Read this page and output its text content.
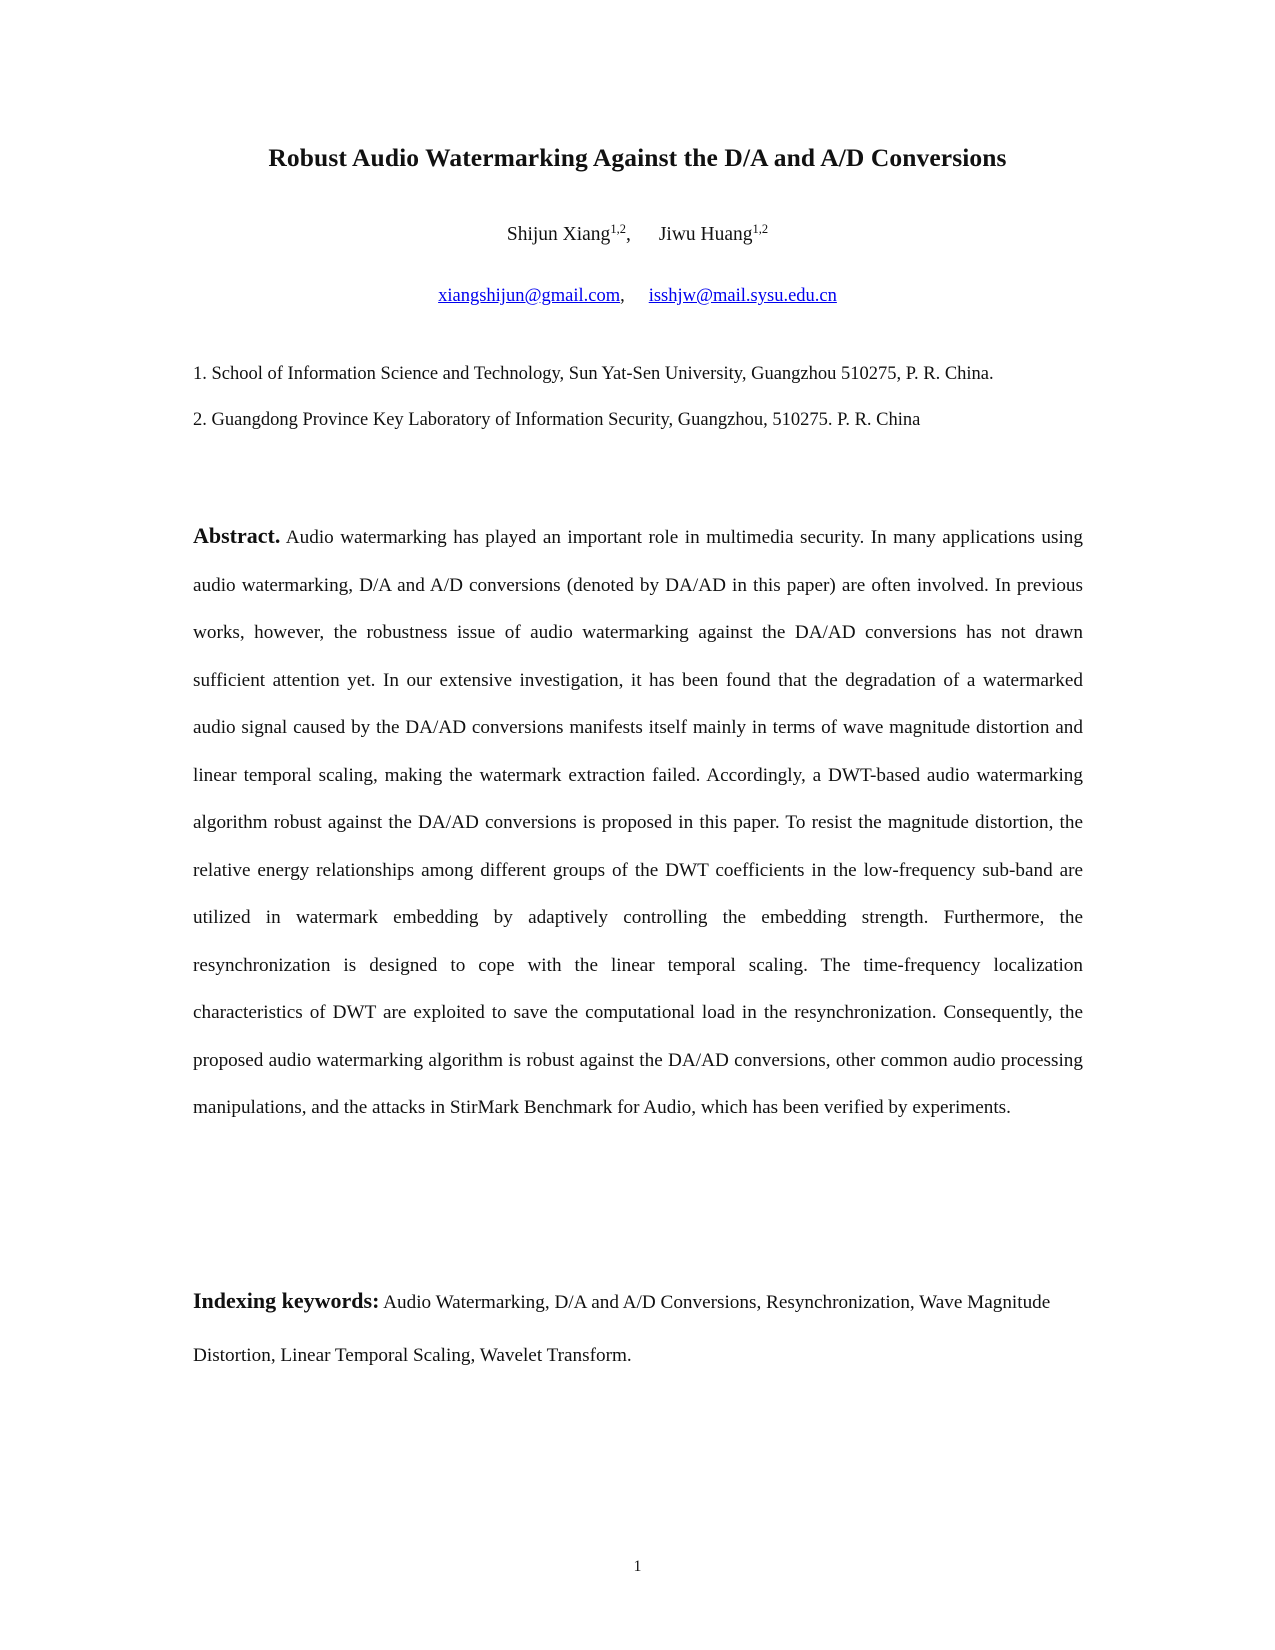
Robust Audio Watermarking Against the D/A and A/D Conversions
Shijun Xiang$^{1,2}$, Jiwu Huang$^{1,2}$
xiangshijun@gmail.com, isshjw@mail.sysu.edu.cn
1. School of Information Science and Technology, Sun Yat-Sen University, Guangzhou 510275, P. R. China.
2. Guangdong Province Key Laboratory of Information Security, Guangzhou, 510275. P. R. China
Abstract. Audio watermarking has played an important role in multimedia security. In many applications using audio watermarking, D/A and A/D conversions (denoted by DA/AD in this paper) are often involved. In previous works, however, the robustness issue of audio watermarking against the DA/AD conversions has not drawn sufficient attention yet. In our extensive investigation, it has been found that the degradation of a watermarked audio signal caused by the DA/AD conversions manifests itself mainly in terms of wave magnitude distortion and linear temporal scaling, making the watermark extraction failed. Accordingly, a DWT-based audio watermarking algorithm robust against the DA/AD conversions is proposed in this paper. To resist the magnitude distortion, the relative energy relationships among different groups of the DWT coefficients in the low-frequency sub-band are utilized in watermark embedding by adaptively controlling the embedding strength. Furthermore, the resynchronization is designed to cope with the linear temporal scaling. The time-frequency localization characteristics of DWT are exploited to save the computational load in the resynchronization. Consequently, the proposed audio watermarking algorithm is robust against the DA/AD conversions, other common audio processing manipulations, and the attacks in StirMark Benchmark for Audio, which has been verified by experiments.
Indexing keywords: Audio Watermarking, D/A and A/D Conversions, Resynchronization, Wave Magnitude Distortion, Linear Temporal Scaling, Wavelet Transform.
1
